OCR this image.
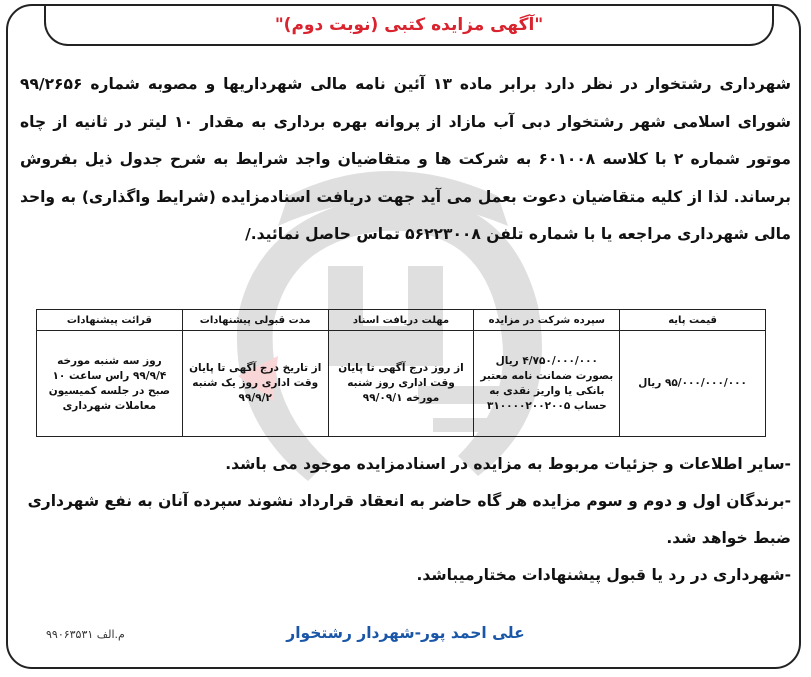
"آگهی مزایده کتبی (نوبت دوم)"
شهرداری رشتخوار در نظر دارد برابر ماده ۱۳ آئین نامه مالی شهرداریها و مصوبه شماره ۹۹/۲۶۵۶ شورای اسلامی شهر رشتخوار دبی آب مازاد از پروانه بهره برداری به مقدار ۱۰ لیتر در ثانیه از چاه موتور شماره ۲ با کلاسه ۶۰۱۰۰۸ به شرکت ها و متقاضیان واجد شرایط به شرح جدول ذیل بفروش برساند. لذا از کلیه متقاضیان دعوت بعمل می آید جهت دریافت اسنادمزایده (شرایط واگذاری) به واحد مالی شهرداری مراجعه یا با شماره تلفن ۵۶۲۲۳۰۰۸ تماس حاصل نمائید./
قیمت پایه	سپرده شرکت در مزایده	مهلت دریافت اسناد	مدت قبولی پیشنهادات	قرائت پیشنهادات
۹۵/۰۰۰/۰۰۰/۰۰۰ ریال	۴/۷۵۰/۰۰۰/۰۰۰ ریال بصورت ضمانت نامه معتبر بانکی یا واریز نقدی به حساب ۳۱۰۰۰۰۲۰۰۲۰۰۵	از روز درج آگهی تا پایان وقت اداری روز شنبه مورخه ۹۹/۰۹/۱	از تاریخ درج آگهی تا پایان وقت اداری روز یک شنبه ۹۹/۹/۲	روز سه شنبه مورخه ۹۹/۹/۴ راس ساعت ۱۰ صبح در جلسه کمیسیون معاملات شهرداری

-سایر اطلاعات و جزئیات مربوط به مزایده در اسنادمزایده موجود می باشد.

-برندگان اول و دوم و سوم مزایده هر گاه حاضر به انعقاد قرارداد نشوند سپرده آنان به نفع شهرداری ضبط خواهد شد.

-شهرداری در رد یا قبول پیشنهادات مختارمیباشد.

م.الف ۹۹۰۶۳۵۳۱	علی احمد پور-شهردار رشتخوار
